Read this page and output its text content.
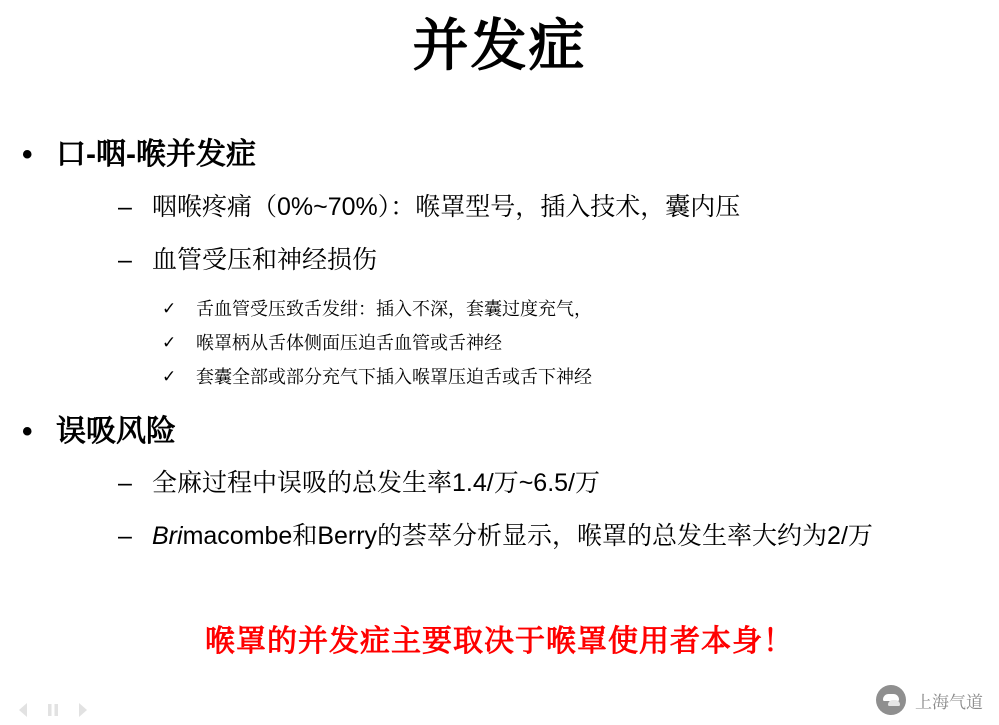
并发症
• 口-咽-喉并发症
– 咽喉疼痛（0%~70%）：喉罩型号，插入技术，囊内压
– 血管受压和神经损伤
✓ 舌血管受压致舌发绀：插入不深，套囊过度充气，
✓ 喉罩柄从舌体侧面压迫舌血管或舌神经
✓ 套囊全部或部分充气下插入喉罩压迫舌或舌下神经
• 误吸风险
– 全麻过程中误吸的总发生率1.4/万~6.5/万
– Brimacombe和Berry的荟萃分析显示，喉罩的总发生率大约为2/万
喉罩的并发症主要取决于喉罩使用者本身！
上海气道
